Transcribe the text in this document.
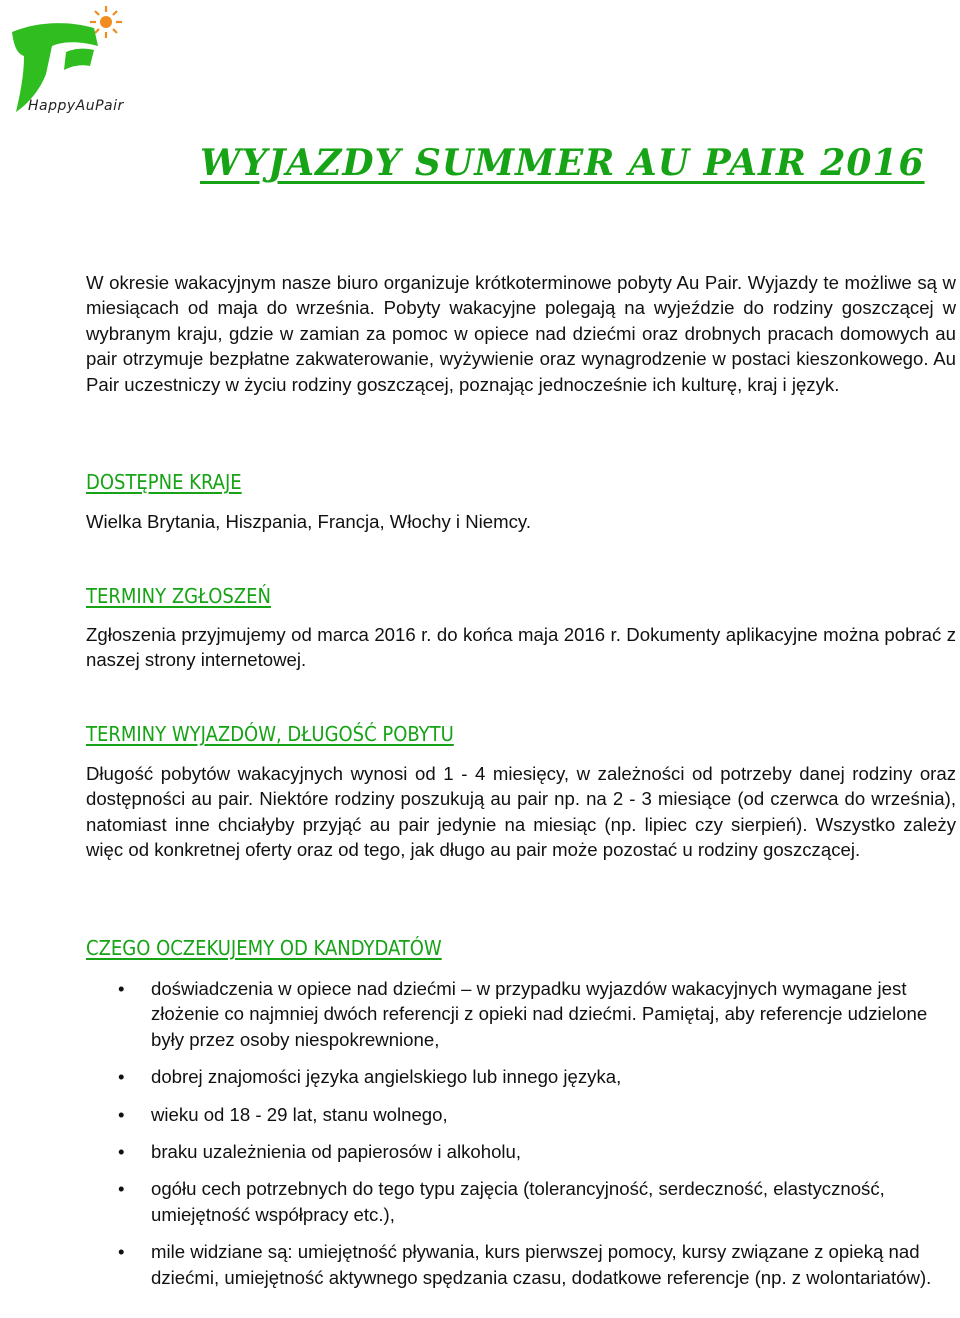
HappyAuPair
WYJAZDY SUMMER AU PAIR 2016
W okresie wakacyjnym nasze biuro organizuje krótkoterminowe pobyty Au Pair. Wyjazdy te możliwe są w miesiącach od maja do września. Pobyty wakacyjne polegają na wyjeździe do rodziny goszczącej w wybranym kraju, gdzie w zamian za pomoc w opiece nad dziećmi oraz drobnych pracach domowych au pair otrzymuje bezpłatne zakwaterowanie, wyżywienie oraz wynagrodzenie w postaci kieszonkowego. Au Pair uczestniczy w życiu rodziny goszczącej, poznając jednocześnie ich kulturę, kraj i język.
DOSTĘPNE KRAJE
Wielka Brytania, Hiszpania, Francja, Włochy i Niemcy.
TERMINY ZGŁOSZEŃ
Zgłoszenia przyjmujemy od marca 2016 r. do końca maja 2016 r. Dokumenty aplikacyjne można pobrać z naszej strony internetowej.
TERMINY WYJAZDÓW, DŁUGOŚĆ POBYTU
Długość pobytów wakacyjnych wynosi od 1 - 4 miesięcy, w zależności od potrzeby danej rodziny oraz dostępności au pair. Niektóre rodziny poszukują au pair np. na 2 - 3 miesiące (od czerwca do września), natomiast inne chciałyby przyjąć au pair jedynie na miesiąc (np. lipiec czy sierpień). Wszystko zależy więc od konkretnej oferty oraz od tego, jak długo au pair może pozostać u rodziny goszczącej.
CZEGO OCZEKUJEMY OD KANDYDATÓW
• doświadczenia w opiece nad dziećmi – w przypadku wyjazdów wakacyjnych wymagane jest złożenie co najmniej dwóch referencji z opieki nad dziećmi. Pamiętaj, aby referencje udzielone były przez osoby niespokrewnione,
• dobrej znajomości języka angielskiego lub innego języka,
• wieku od 18 - 29 lat, stanu wolnego,
• braku uzależnienia od papierosów i alkoholu,
• ogółu cech potrzebnych do tego typu zajęcia (tolerancyjność, serdeczność, elastyczność, umiejętność współpracy etc.),
• mile widziane są: umiejętność pływania, kurs pierwszej pomocy, kursy związane z opieką nad dziećmi, umiejętność aktywnego spędzania czasu, dodatkowe referencje (np. z wolontariatów).
